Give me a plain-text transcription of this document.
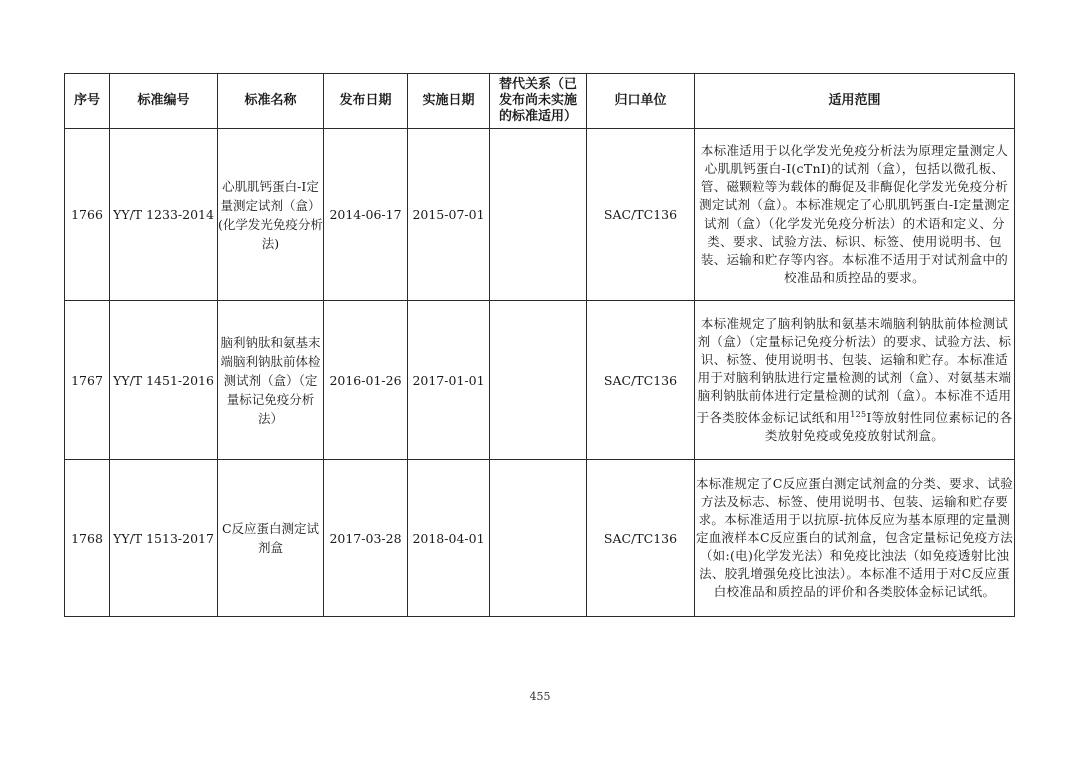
序号	标准编号	标准名称	发布日期	实施日期	替代关系（已发布尚未实施的标准适用）	归口单位	适用范围
1766	YY/T 1233-2014	心肌肌钙蛋白-I定量测定试剂（盒）(化学发光免疫分析法)	2014-06-17	2015-07-01		SAC/TC136	本标准适用于以化学发光免疫分析法为原理定量测定人心肌肌钙蛋白-I(cTnI)的试剂（盒），包括以微孔板、管、磁颗粒等为载体的酶促及非酶促化学发光免疫分析测定试剂（盒）。本标准规定了心肌肌钙蛋白-I定量测定试剂（盒）（化学发光免疫分析法）的术语和定义、分类、要求、试验方法、标识、标签、使用说明书、包装、运输和贮存等内容。本标准不适用于对试剂盒中的校准品和质控品的要求。
1767	YY/T 1451-2016	脑利钠肽和氨基末端脑利钠肽前体检测试剂（盒）（定量标记免疫分析法）	2016-01-26	2017-01-01		SAC/TC136	本标准规定了脑利钠肽和氨基末端脑利钠肽前体检测试剂（盒）（定量标记免疫分析法）的要求、试验方法、标识、标签、使用说明书、包装、运输和贮存。本标准适用于对脑利钠肽进行定量检测的试剂（盒）、对氨基末端脑利钠肽前体进行定量检测的试剂（盒）。本标准不适用于各类胶体金标记试纸和用$^{125}$I等放射性同位素标记的各类放射免疫或免疫放射试剂盒。
1768	YY/T 1513-2017	C反应蛋白测定试剂盒	2017-03-28	2018-04-01		SAC/TC136	本标准规定了C反应蛋白测定试剂盒的分类、要求、试验方法及标志、标签、使用说明书、包装、运输和贮存要求。本标准适用于以抗原-抗体反应为基本原理的定量测定血液样本C反应蛋白的试剂盒，包含定量标记免疫方法（如:(电)化学发光法）和免疫比浊法（如免疫透射比浊法、胶乳增强免疫比浊法）。本标准不适用于对C反应蛋白校准品和质控品的评价和各类胶体金标记试纸。
455
